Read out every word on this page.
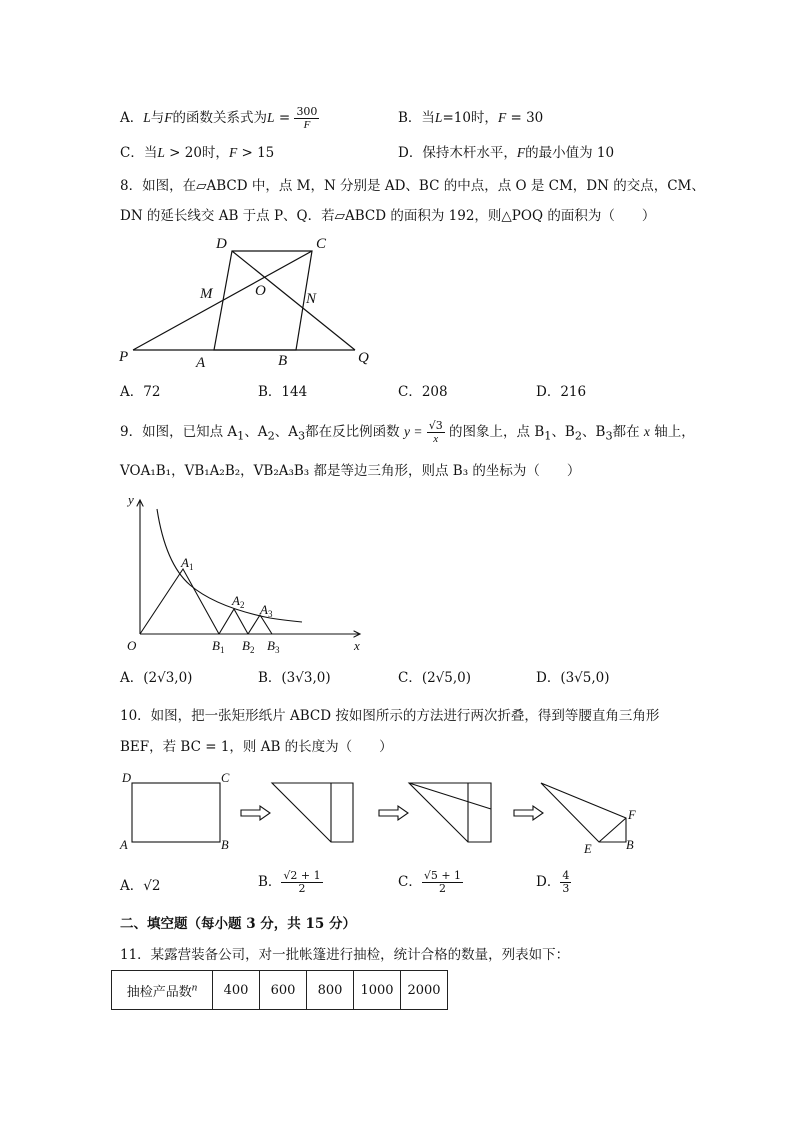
A．L与F的函数关系式为$L = \frac{300}{F}$	B．当L=10时，F = 30
C．当L > 20时，F > 15	D．保持木杆水平，F的最小值为 10
8．如图，在▱ABCD 中，点 M，N 分别是 AD、BC 的中点，点 O 是 CM，DN 的交点，CM、
DN 的延长线交 AB 于点 P、Q．若▱ABCD 的面积为 192，则△POQ 的面积为（　　）
D	C
M	O	N
P	A	B	Q
A．72	B．144	C．208	D．216
9．如图，已知点 $A_1$、$A_2$、$A_3$都在反比例函数 $y = \frac{√3}{x}$ 的图象上，点 $B_1$、$B_2$、$B_3$都在 x 轴上，
VOA₁B₁，VB₁A₂B₂，VB₂A₃B₃ 都是等边三角形，则点 B₃ 的坐标为（　　）
y
x
O
$A_1$
$A_2$ $A_3$
$B_1$ $B_2$ $B_3$
A．(2√3,0)	B．(3√3,0)	C．(2√5,0)	D．(3√5,0)
10．如图，把一张矩形纸片 ABCD 按如图所示的方法进行两次折叠，得到等腰直角三角形
BEF，若 BC = 1，则 AB 的长度为（　　）
D	C
A	B
F
E	B
A．√2	B． $\frac{√2 + 1}{2}$	C． $\frac{√5 + 1}{2}$	D． $\frac{4}{3}$
二、填空题（每小题 3 分，共 15 分）
11．某露营装备公司，对一批帐篷进行抽检，统计合格的数量，列表如下：
抽检产品数$^n$	400	600	800	1000	2000
